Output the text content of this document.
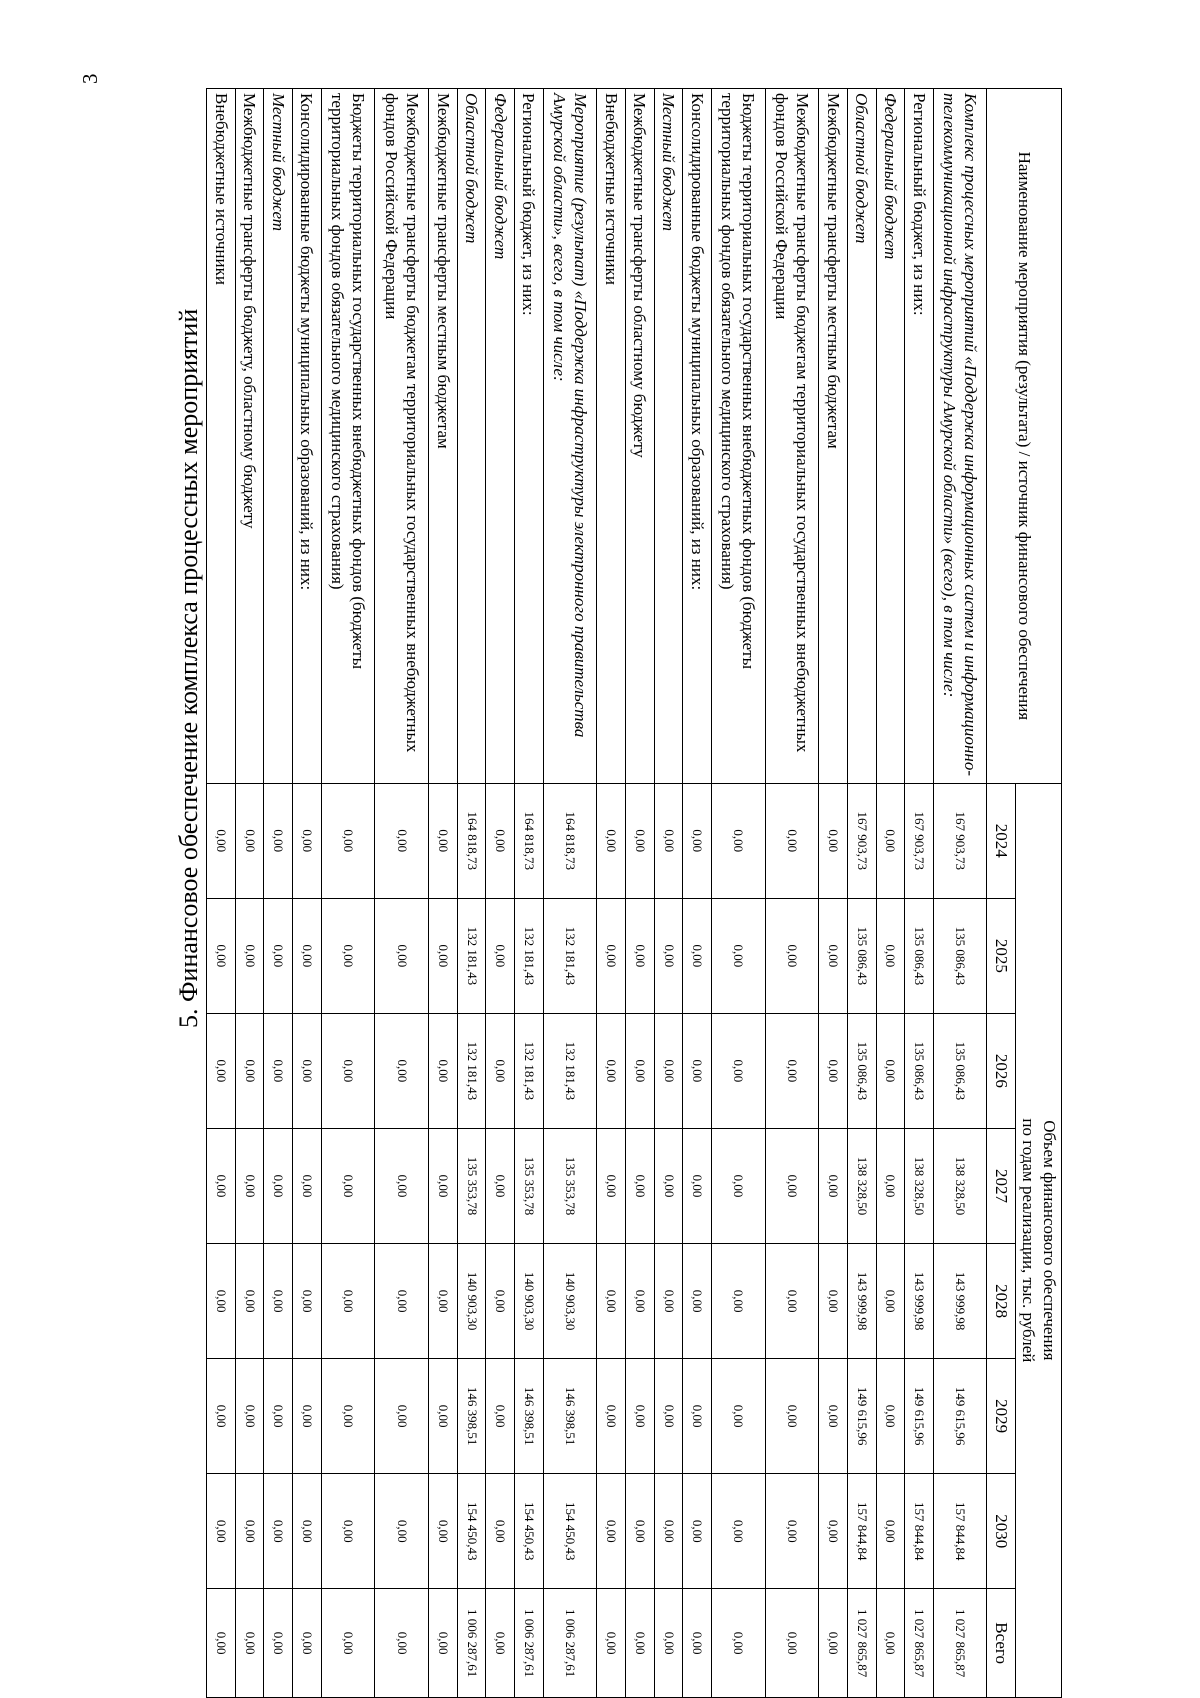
3
5. Финансовое обеспечение комплекса процессных мероприятий	Наименование мероприятия (результата) / источник финансового обеспечения	Объем финансового обеспечения
по годам реализации, тыс. рублей							

	2024	2025	2026	2027	2028	2029	2030	Всего
Комплекс процессных мероприятий «Поддержка информационных систем и информационно-телекоммуникационной инфраструктуры Амурской области» (всего), в том числе:	167 903,73	135 086,43	135 086,43	138 328,50	143 999,98	149 615,96	157 844,84	1 027 865,87
Региональный бюджет, из них:	167 903,73	135 086,43	135 086,43	138 328,50	143 999,98	149 615,96	157 844,84	1 027 865,87
Федеральный бюджет	0,00	0,00	0,00	0,00	0,00	0,00	0,00	0,00
Областной бюджет	167 903,73	135 086,43	135 086,43	138 328,50	143 999,98	149 615,96	157 844,84	1 027 865,87
Межбюджетные трансферты местным бюджетам	0,00	0,00	0,00	0,00	0,00	0,00	0,00	0,00
Межбюджетные трансферты бюджетам территориальных государственных внебюджетных фондов Российской Федерации	0,00	0,00	0,00	0,00	0,00	0,00	0,00	0,00
Бюджеты территориальных государственных внебюджетных фондов (бюджеты территориальных фондов обязательного медицинского страхования)	0,00	0,00	0,00	0,00	0,00	0,00	0,00	0,00
Консолидированные бюджеты муниципальных образований, из них:	0,00	0,00	0,00	0,00	0,00	0,00	0,00	0,00
Местный бюджет	0,00	0,00	0,00	0,00	0,00	0,00	0,00	0,00
Межбюджетные трансферты областному бюджету	0,00	0,00	0,00	0,00	0,00	0,00	0,00	0,00
Внебюджетные источники	0,00	0,00	0,00	0,00	0,00	0,00	0,00	0,00
Мероприятие (результат) «Поддержка инфраструктуры электронного правительства Амурской области», всего, в том числе:	164 818,73	132 181,43	132 181,43	135 353,78	140 903,30	146 398,51	154 450,43	1 006 287,61
Региональный бюджет, из них:	164 818,73	132 181,43	132 181,43	135 353,78	140 903,30	146 398,51	154 450,43	1 006 287,61
Федеральный бюджет	0,00	0,00	0,00	0,00	0,00	0,00	0,00	0,00
Областной бюджет	164 818,73	132 181,43	132 181,43	135 353,78	140 903,30	146 398,51	154 450,43	1 006 287,61
Межбюджетные трансферты местным бюджетам	0,00	0,00	0,00	0,00	0,00	0,00	0,00	0,00
Межбюджетные трансферты бюджетам территориальных государственных внебюджетных фондов Российской Федерации	0,00	0,00	0,00	0,00	0,00	0,00	0,00	0,00
Бюджеты территориальных государственных внебюджетных фондов (бюджеты территориальных фондов обязательного медицинского страхования)	0,00	0,00	0,00	0,00	0,00	0,00	0,00	0,00
Консолидированные бюджеты муниципальных образований, из них:	0,00	0,00	0,00	0,00	0,00	0,00	0,00	0,00
Местный бюджет	0,00	0,00	0,00	0,00	0,00	0,00	0,00	0,00
Межбюджетные трансферты бюджету, областному бюджету	0,00	0,00	0,00	0,00	0,00	0,00	0,00	0,00
Внебюджетные источники	0,00	0,00	0,00	0,00	0,00	0,00	0,00	0,00
